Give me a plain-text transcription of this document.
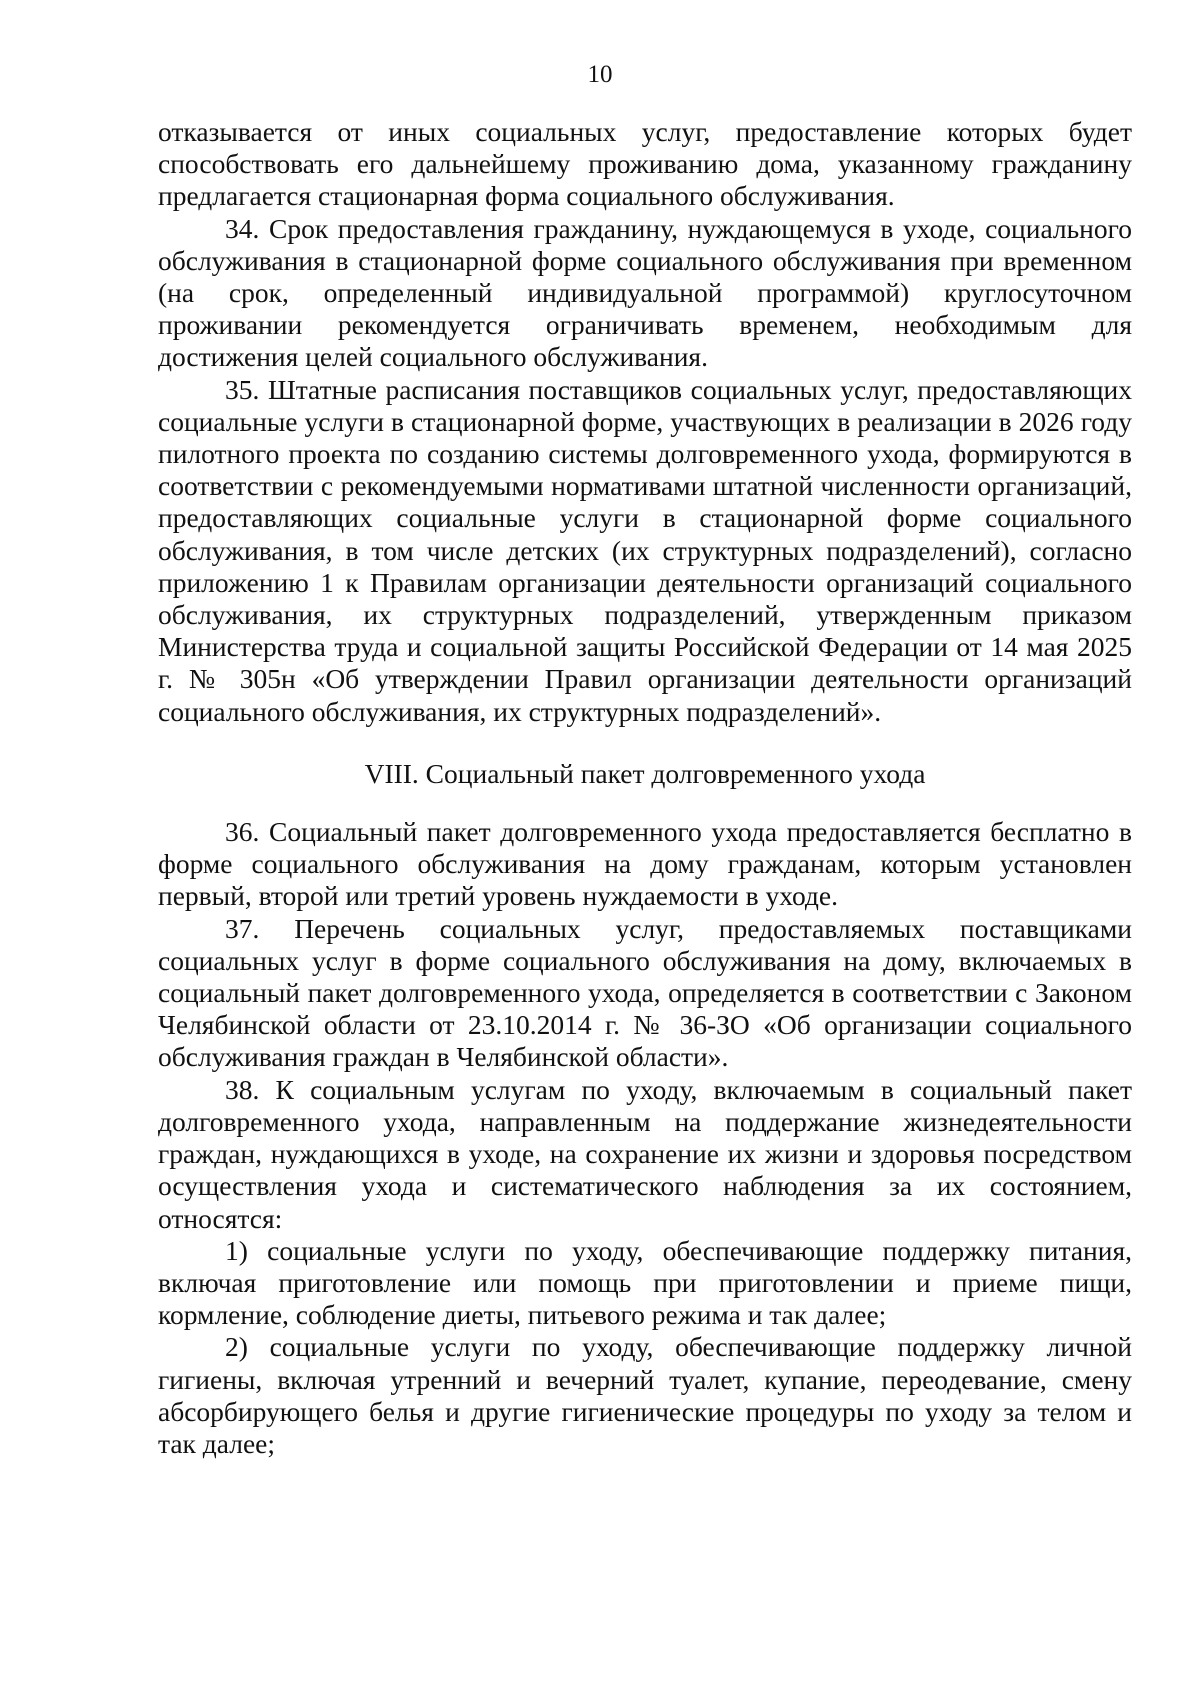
10

отказывается от иных социальных услуг, предоставление которых будет способствовать его дальнейшему проживанию дома, указанному гражданину предлагается стационарная форма социального обслуживания.

34. Срок предоставления гражданину, нуждающемуся в уходе, социального обслуживания в стационарной форме социального обслуживания при временном (на срок, определенный индивидуальной программой) круглосуточном проживании рекомендуется ограничивать временем, необходимым для достижения целей социального обслуживания.

35. Штатные расписания поставщиков социальных услуг, предоставляющих социальные услуги в стационарной форме, участвующих в реализации в 2026 году пилотного проекта по созданию системы долговременного ухода, формируются в соответствии с рекомендуемыми нормативами штатной численности организаций, предоставляющих социальные услуги в стационарной форме социального обслуживания, в том числе детских (их структурных подразделений), согласно приложению 1 к Правилам организации деятельности организаций социального обслуживания, их структурных подразделений, утвержденным приказом Министерства труда и социальной защиты Российской Федерации от 14 мая 2025 г. № 305н «Об утверждении Правил организации деятельности организаций социального обслуживания, их структурных подразделений».

VIII. Социальный пакет долговременного ухода

36. Социальный пакет долговременного ухода предоставляется бесплатно в форме социального обслуживания на дому гражданам, которым установлен первый, второй или третий уровень нуждаемости в уходе.

37. Перечень социальных услуг, предоставляемых поставщиками социальных услуг в форме социального обслуживания на дому, включаемых в социальный пакет долговременного ухода, определяется в соответствии с Законом Челябинской области от 23.10.2014 г. № 36-ЗО «Об организации социального обслуживания граждан в Челябинской области».

38. К социальным услугам по уходу, включаемым в социальный пакет долговременного ухода, направленным на поддержание жизнедеятельности граждан, нуждающихся в уходе, на сохранение их жизни и здоровья посредством осуществления ухода и систематического наблюдения за их состоянием, относятся:

1) социальные услуги по уходу, обеспечивающие поддержку питания, включая приготовление или помощь при приготовлении и приеме пищи, кормление, соблюдение диеты, питьевого режима и так далее;

2) социальные услуги по уходу, обеспечивающие поддержку личной гигиены, включая утренний и вечерний туалет, купание, переодевание, смену абсорбирующего белья и другие гигиенические процедуры по уходу за телом и так далее;
